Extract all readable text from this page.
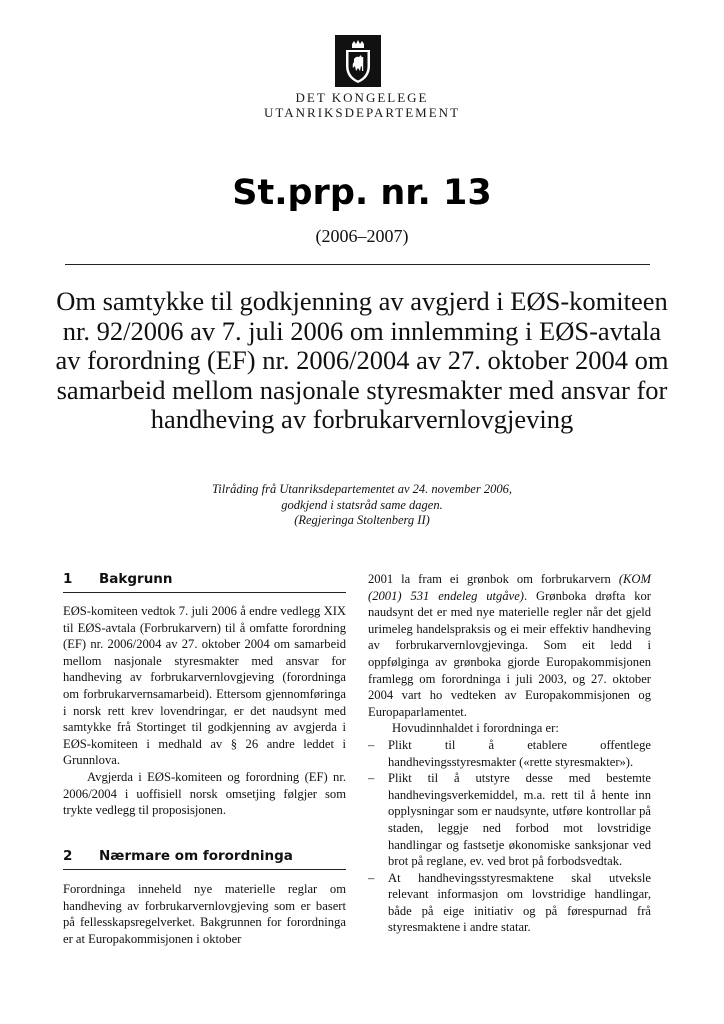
DET KONGELEGE
UTANRIKSDEPARTEMENT
St.prp. nr. 13
(2006–2007)
Om samtykke til godkjenning av avgjerd i EØS-komiteen nr. 92/2006 av 7. juli 2006 om innlemming i EØS-avtala av forordning (EF) nr. 2006/2004 av 27. oktober 2004 om samarbeid mellom nasjonale styresmakter med ansvar for handheving av forbrukarvernlovgjeving
Tilråding frå Utanriksdepartementet av 24. november 2006,
godkjend i statsråd same dagen.
(Regjeringa Stoltenberg II)
1 Bakgrunn

EØS-komiteen vedtok 7. juli 2006 å endre vedlegg XIX til EØS-avtala (Forbrukarvern) til å omfatte forordning (EF) nr. 2006/2004 av 27. oktober 2004 om samarbeid mellom nasjonale styresmakter med ansvar for handheving av forbrukarvernlovgjeving (forordninga om forbrukarvernsamarbeid). Ettersom gjennomføringa i norsk rett krev lovendringar, er det naudsynt med samtykke frå Stortinget til godkjenning av avgjerda i EØS-komiteen i medhald av § 26 andre leddet i Grunnlova.

Avgjerda i EØS-komiteen og forordning (EF) nr. 2006/2004 i uoffisiell norsk omsetjing følgjer som trykte vedlegg til proposisjonen.

2 Nærmare om forordninga

Forordninga inneheld nye materielle reglar om handheving av forbrukarvernlovgjeving som er basert på fellesskapsregelverket. Bakgrunnen for forordninga er at Europakommisjonen i oktober

2001 la fram ei grønbok om forbrukarvern (KOM (2001) 531 endeleg utgåve). Grønboka drøfta kor naudsynt det er med nye materielle regler når det gjeld urimeleg handelspraksis og ei meir effektiv handheving av forbrukarvernlovgjevinga. Som eit ledd i oppfølginga av grønboka gjorde Europakommisjonen framlegg om forordninga i juli 2003, og 27. oktober 2004 vart ho vedteken av Europakommisjonen og Europaparlamentet.

Hovudinnhaldet i forordninga er:

– Plikt til å etablere offentlege handhevingsstyresmakter («rette styresmakter»).
– Plikt til å utstyre desse med bestemte handhevingsverkemiddel, m.a. rett til å hente inn opplysningar som er naudsynte, utføre kontrollar på staden, leggje ned forbod mot lovstridige handlingar og fastsetje økonomiske sanksjonar ved brot på reglane, ev. ved brot på forbodsvedtak.
– At handhevingsstyresmaktene skal utveksle relevant informasjon om lovstridige handlingar, både på eige initiativ og på førespurnad frå styresmaktene i andre statar.
